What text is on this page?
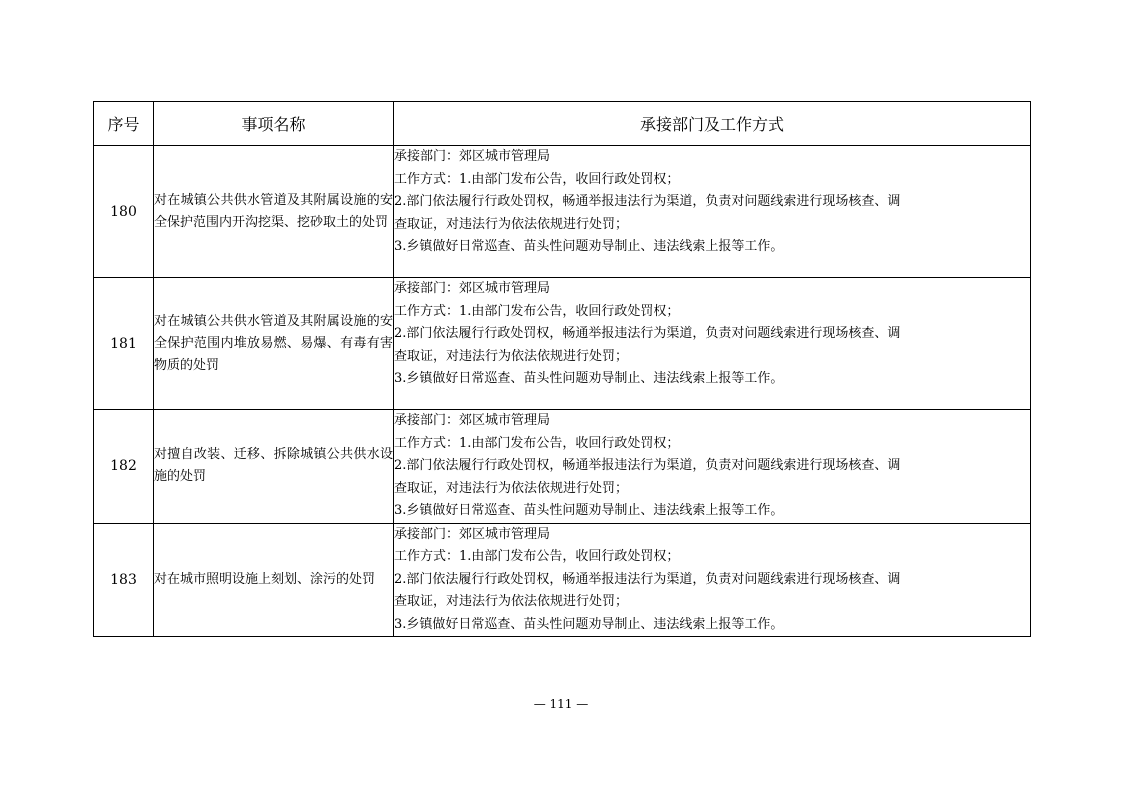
序号	事项名称	承接部门及工作方式
180	对在城镇公共供水管道及其附属设施的安全保护范围内开沟挖渠、挖砂取土的处罚	承接部门：郊区城市管理局
工作方式：1.由部门发布公告，收回行政处罚权；
2.部门依法履行行政处罚权，畅通举报违法行为渠道，负责对问题线索进行现场核查、调
查取证，对违法行为依法依规进行处罚；
3.乡镇做好日常巡查、苗头性问题劝导制止、违法线索上报等工作。

181	对在城镇公共供水管道及其附属设施的安全保护范围内堆放易燃、易爆、有毒有害物质的处罚	承接部门：郊区城市管理局
工作方式：1.由部门发布公告，收回行政处罚权；
2.部门依法履行行政处罚权，畅通举报违法行为渠道，负责对问题线索进行现场核查、调
查取证，对违法行为依法依规进行处罚；
3.乡镇做好日常巡查、苗头性问题劝导制止、违法线索上报等工作。

182	对擅自改装、迁移、拆除城镇公共供水设施的处罚	承接部门：郊区城市管理局
工作方式：1.由部门发布公告，收回行政处罚权；
2.部门依法履行行政处罚权，畅通举报违法行为渠道，负责对问题线索进行现场核查、调
查取证，对违法行为依法依规进行处罚；
3.乡镇做好日常巡查、苗头性问题劝导制止、违法线索上报等工作。

183	对在城市照明设施上刻划、涂污的处罚	承接部门：郊区城市管理局
工作方式：1.由部门发布公告，收回行政处罚权；
2.部门依法履行行政处罚权，畅通举报违法行为渠道，负责对问题线索进行现场核查、调
查取证，对违法行为依法依规进行处罚；
3.乡镇做好日常巡查、苗头性问题劝导制止、违法线索上报等工作。
— 111 —
